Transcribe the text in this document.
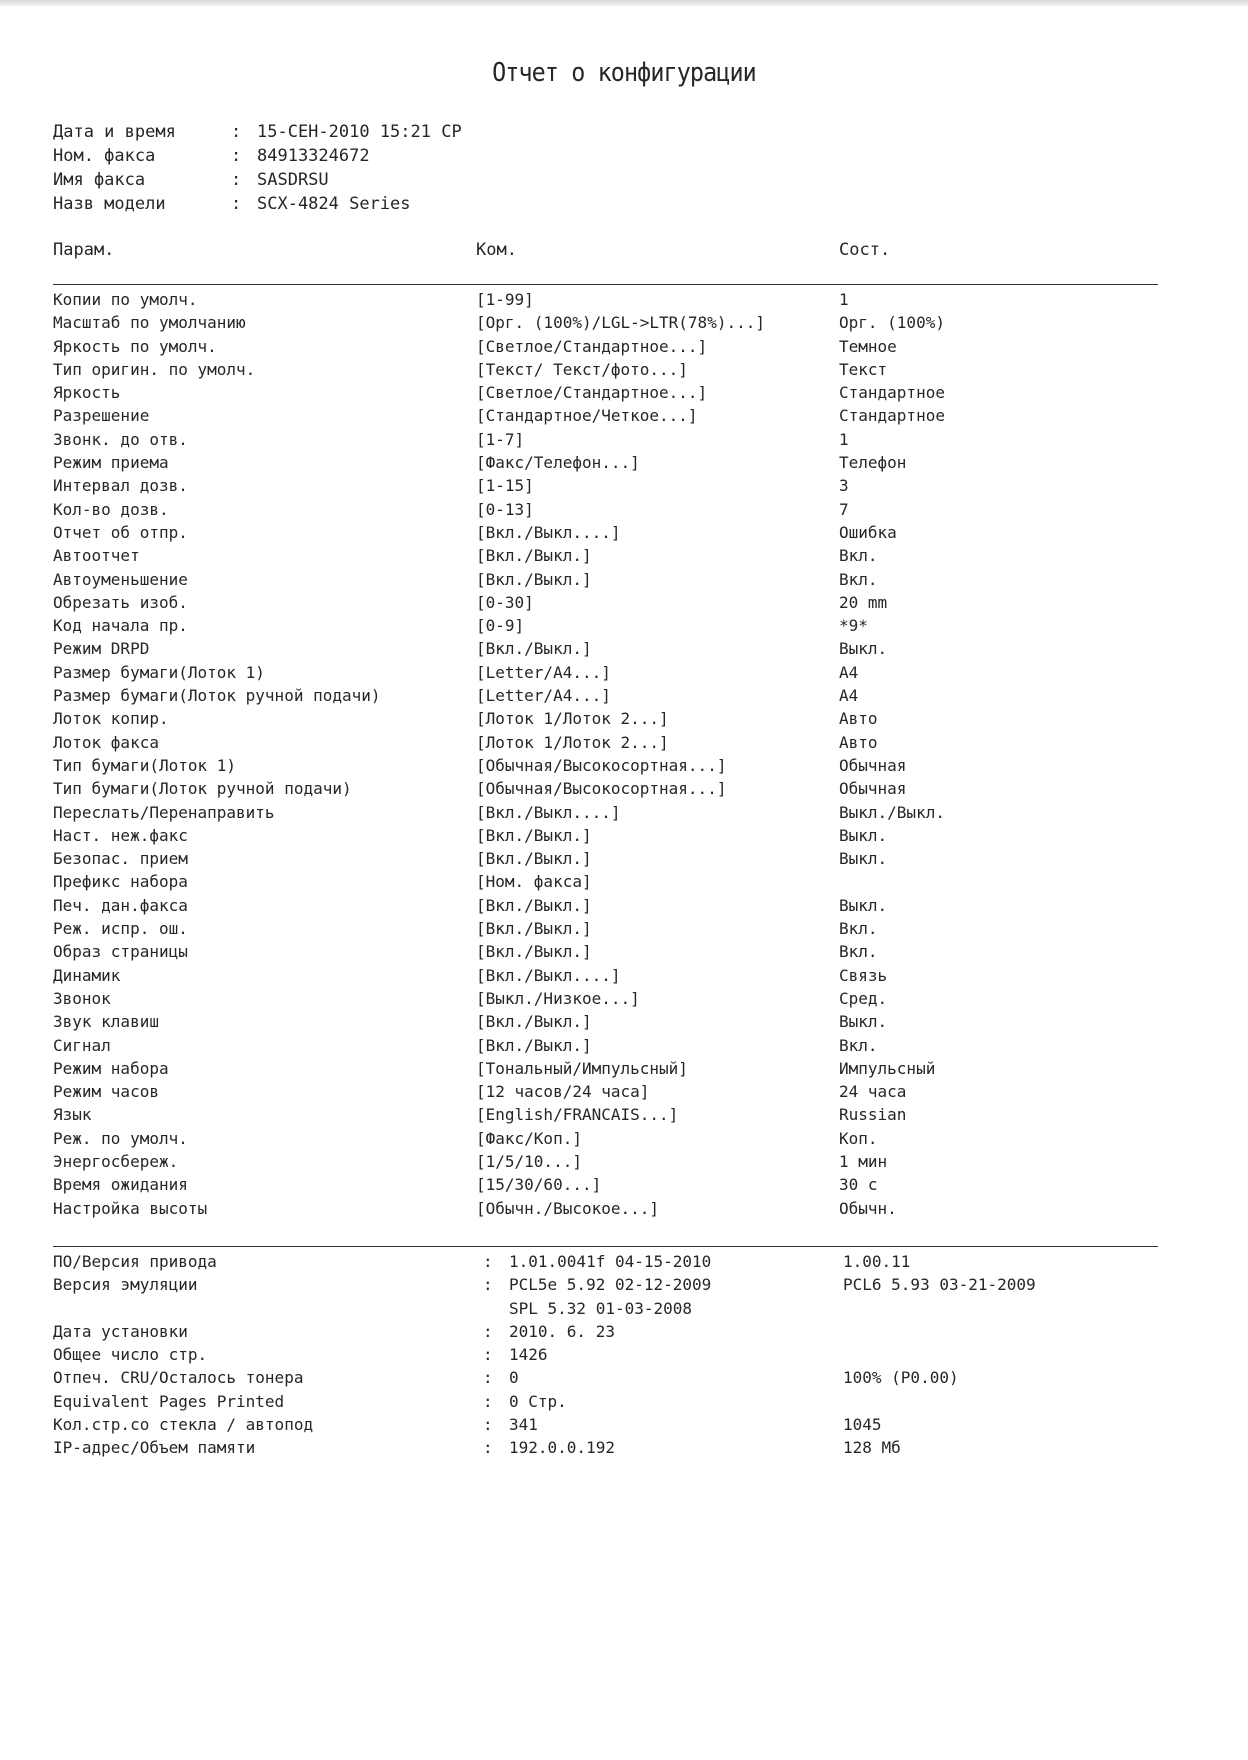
Отчет о конфигурации
Дата и время	: 15-СЕН-2010 15:21 СР
Ном. факса	: 84913324672
Имя факса	: SASDRSU
Назв модели	: SCX-4824 Series
Парам.	Ком.	Сост.
Копии по умолч.	[1-99]	1
Масштаб по умолчанию	[Орг. (100%)/LGL->LTR(78%)...]	Орг. (100%)
Яркость по умолч.	[Светлое/Стандартное...]	Темное
Тип оригин. по умолч.	[Текст/ Текст/фото...]	Текст
Яркость	[Светлое/Стандартное...]	Стандартное
Разрешение	[Стандартное/Четкое...]	Стандартное
Звонк. до отв.	[1-7]	1
Режим приема	[Факс/Телефон...]	Телефон
Интервал дозв.	[1-15]	3
Кол-во дозв.	[0-13]	7
Отчет об отпр.	[Вкл./Выкл....]	Ошибка
Автоотчет	[Вкл./Выкл.]	Вкл.
Автоуменьшение	[Вкл./Выкл.]	Вкл.
Обрезать изоб.	[0-30]	20 mm
Код начала пр.	[0-9]	*9*
Режим DRPD	[Вкл./Выкл.]	Выкл.
Размер бумаги(Лоток 1)	[Letter/A4...]	A4
Размер бумаги(Лоток ручной подачи)	[Letter/A4...]	A4
Лоток копир.	[Лоток 1/Лоток 2...]	Авто
Лоток факса	[Лоток 1/Лоток 2...]	Авто
Тип бумаги(Лоток 1)	[Обычная/Высокосортная...]	Обычная
Тип бумаги(Лоток ручной подачи)	[Обычная/Высокосортная...]	Обычная
Переслать/Перенаправить	[Вкл./Выкл....]	Выкл./Выкл.
Наст. неж.факс	[Вкл./Выкл.]	Выкл.
Безопас. прием	[Вкл./Выкл.]	Выкл.
Префикс набора	[Ном. факса]
Печ. дан.факса	[Вкл./Выкл.]	Выкл.
Реж. испр. ош.	[Вкл./Выкл.]	Вкл.
Образ страницы	[Вкл./Выкл.]	Вкл.
Динамик	[Вкл./Выкл....]	Связь
Звонок	[Выкл./Низкое...]	Сред.
Звук клавиш	[Вкл./Выкл.]	Выкл.
Сигнал	[Вкл./Выкл.]	Вкл.
Режим набора	[Тональный/Импульсный]	Импульсный
Режим часов	[12 часов/24 часа]	24 часа
Язык	[English/FRANCAIS...]	Russian
Реж. по умолч.	[Факс/Коп.]	Коп.
Энергосбереж.	[1/5/10...]	1 мин
Время ожидания	[15/30/60...]	30 с
Настройка высоты	[Обычн./Высокое...]	Обычн.
ПО/Версия привода	: 1.01.0041f 04-15-2010	1.00.11
Версия эмуляции	: PCL5e 5.92 02-12-2009	PCL6 5.93 03-21-2009
SPL 5.32 01-03-2008
Дата установки	: 2010. 6. 23
Общее число стр.	: 1426
Отпеч. CRU/Осталось тонера	: 0	100% (P0.00)
Equivalent Pages Printed	: 0 Стр.
Кол.стр.со стекла / автопод	: 341	1045
IP-адрес/Объем памяти	: 192.0.0.192	128 Мб
